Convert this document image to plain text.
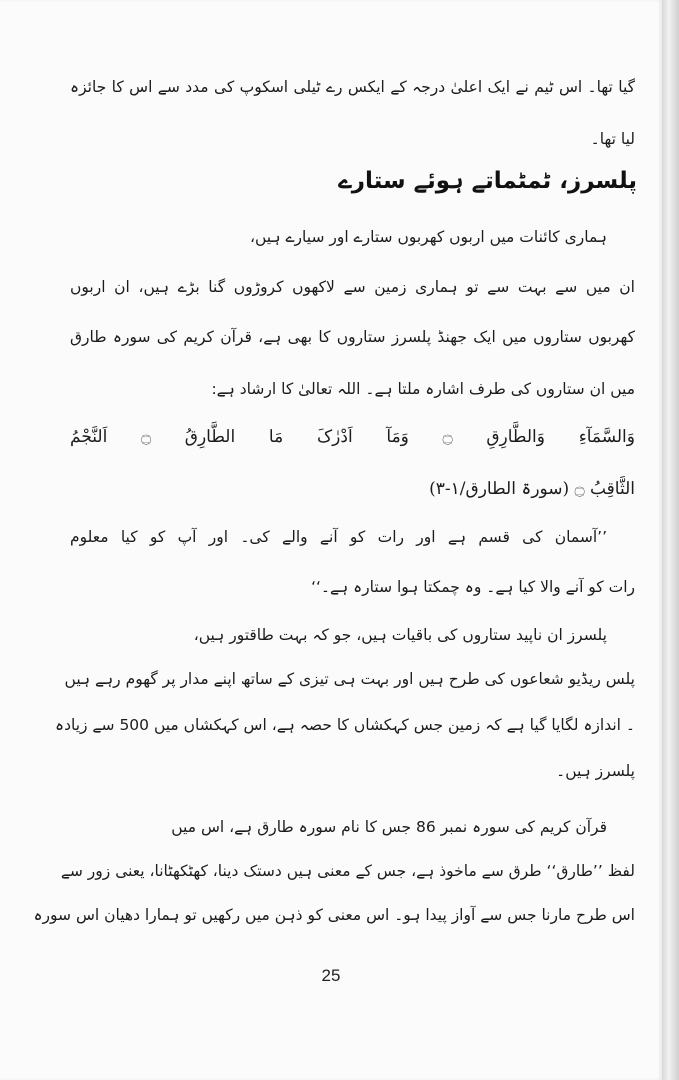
گیا تھا۔ اس ٹیم نے ایک اعلیٰ درجہ کے ایکس رے ٹیلی اسکوپ کی مدد سے اس کا جائزہ
لیا تھا۔
پلسرز، ٹمٹماتے ہوئے ستارے
ہماری کائنات میں اربوں کھربوں ستارے اور سیارے ہیں،
ان میں سے بہت سے تو ہماری زمین سے لاکھوں کروڑوں گنا بڑے ہیں، ان اربوں
کھربوں ستاروں میں ایک جھنڈ پلسرز ستاروں کا بھی ہے، قرآن کریم کی سورہ طارق
میں ان ستاروں کی طرف اشارہ ملتا ہے۔ اللہ تعالیٰ کا ارشاد ہے:
وَالسَّمَآءِ وَالطَّارِقِ ۝ وَمَآ اَدْرٰکَ مَا الطَّارِقُ ۝ اَلنَّجْمُ
الثَّاقِبُ ۝ (سورۃ الطارق/۱-۳)
’’آسمان کی قسم ہے اور رات کو آنے والے کی۔ اور آپ کو کیا معلوم
رات کو آنے والا کیا ہے۔ وہ چمکتا ہوا ستارہ ہے۔‘‘
پلسرز ان ناپید ستاروں کی باقیات ہیں، جو کہ بہت طاقتور ہیں،
پلس ریڈیو شعاعوں کی طرح ہیں اور بہت ہی تیزی کے ساتھ اپنے مدار پر گھوم رہے ہیں
۔ اندازہ لگایا گیا ہے کہ زمین جس کہکشاں کا حصہ ہے، اس کہکشاں میں 500 سے زیادہ
پلسرز ہیں۔
قرآن کریم کی سورہ نمبر 86 جس کا نام سورہ طارق ہے، اس میں
لفظ ’’طارق‘‘ طرق سے ماخوذ ہے، جس کے معنی ہیں دستک دینا، کھٹکھٹانا، یعنی زور سے
اس طرح مارنا جس سے آواز پیدا ہو۔ اس معنی کو ذہن میں رکھیں تو ہمارا دھیان اس سورہ
25
